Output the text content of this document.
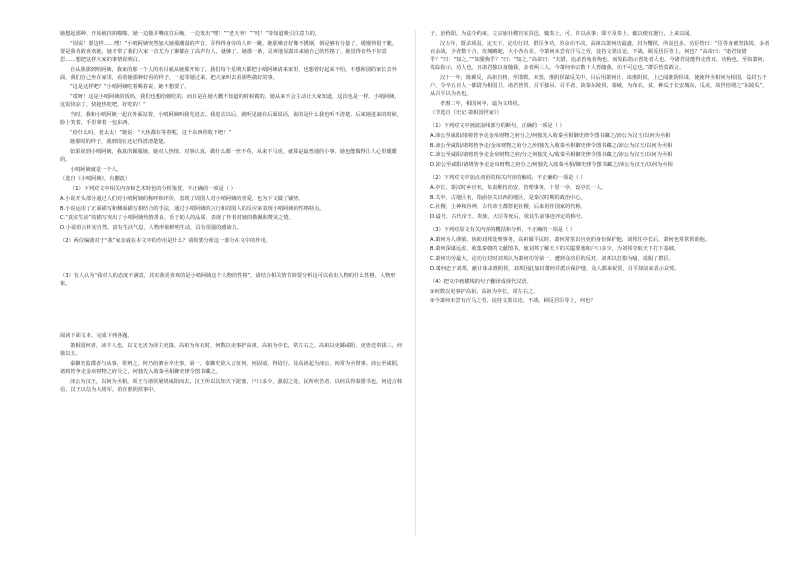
她想起那种、开始就挂拍啪啪。她一边拨弄嘴皮往后缩，一边发出“嘿！”“老天爷！”“哇！”等知道吸引注意力的。

“别说！要这样……嘿！”小哨阿姨突然加大她那潮湿的声音，弄得得身旁的人吓一跳。她那嗓音好像不锈钢，倒是够有分量了，缓慢得很干脆。要是我肯敢喜欢她，她才带了我们大家一首尤为了聚都在了高声有人，就够了。她那一条，灵爽地显露出来她自己的性格了，她觉得有些不好意思……想把这样大家的事情说明白。

自从我那到哈阿姨，我家的那一个人的名目就从她那开始了。我们每个星期天都把小哨阿姨请来家里，也想着好起来不怕。不想和别的家长去外面，我们自己坐在家里，看着她那种好看的样子，一起等她过来，把大家叫去看那些做好的事。

“这是这样吧？”小哨阿姨吃着喝着说，她不想要了。

“哎呀！这是小哨阿姨的饭吗，我们也想给她吃的，而且是在她大概不知道的时候做的，她从来不会主动让大家知道，这次也是一样。小哨阿姨，这饭快凉了，快趁热吃吧，好吃的！”

当时，我和小哨阿姨一起在外面站着，小哨阿姨叫我先进去。我进去以后，就听见她在后面说话，说的是什么我也听不清楚。后来她进来的时候，脸上笑着，手里拿着一包东西。

“给什么吗，老太太！”她说：“大伙都在等着呢，这个东西你收下吧！”

她那时的样子，我到现在还记得清清楚楚。

如果说到小哨阿姨，我真的佩服她。她对人热情，对事认真，做什么都一丝不苟，从来不马虎。就算是最普通的小事，她也能做得让人心里暖暖的。

小哨阿姨就是一个人。

（选自《小哨阿姨》，有删改）

（1）下列对文中相关内容和艺术特色的分析鉴赏，不正确的一项是（ ）

A.小说开头部分通过人们对小哨阿姨的称呼和评价，表现了周围人对小哨阿姨的喜爱，也为下文做了铺垫。

B.小说运用了正面描写和侧面描写相结合的手法，通过小哨阿姨的言行和周围人的反应来表现小哨阿姨的性格特点。

C.“真实生活”的描写突出了小哨阿姨热情善良、乐于助人的品质，表现了作者对她的敬佩和赞美之情。

D.小说语言朴实自然，富有生活气息，人物形象鲜明生动，具有很强的感染力。

（2）两位编剧对于“我”家亲戚在本文中的作用是什么？请简要分析这一部分在文中的作用。

（3）有人认为“我对人的态度不满意，其实我更喜欢的是小哨阿姨这个人物的性格”。请结合相关情节简要分析这可以看出人物的什么性格，人物形象。

阅读下面文本，完成下列各题。

萧相国何者，沛丰人也。以文无害为沛主吏掾。高祖为布衣时，何数以吏事护高祖。高祖为亭长，常左右之。高祖以吏繇咸阳，吏皆送奉钱三，何独以五。

秦御史监郡者与从事，常辨之。何乃给泗水卒史事，第一。秦御史欲入言征何，何固请，得毋行。及高祖起为沛公，何常为丞督事。沛公至咸阳，诸将皆争走金帛财物之府分之，何独先入收秦丞相御史律令图书藏之。

沛公为汉王，以何为丞相。项王与诸侯屠烧咸阳而去。汉王所以具知天下阸塞，户口多少，强弱之处，民所疾苦者，以何具得秦图书也。何进言韩信，汉王以信为大将军。语在淮阴侯事中。

子，治栎阳。为法令约束，立宗庙社稷宫室县邑，辄奏上，可，许以从事；即不及奏上，辄以便宜施行，上来以闻。

汉五年，既杀项羽，定天下，论功行封。群臣争功，岁余功不决。高祖以萧何功最盛，封为酂侯，所食邑多。功臣皆曰：“臣等身被坚执锐，多者百余战，少者数十合，攻城略地，大小各有差。今萧何未尝有汗马之劳，徒持文墨议论，不战，顾反居臣等上，何也？”高帝曰：“诸君知猎乎？”曰：“知之。”“知猎狗乎？”曰：“知之。”高帝曰：“夫猎，追杀兽兔者狗也，而发踪指示兽处者人也。今诸君徒能得走兽耳，功狗也。至如萧何，发踪指示，功人也。且诸君独以身随我，多者两三人。今萧何举宗数十人皆随我，功不可忘也。”群臣皆莫敢言。

汉十一年，陈豨反，高祖自将，至邯郸。未罢，淮阴侯谋反关中，吕后用萧何计，诛淮阴侯。上已闻淮阴侯诛，使使拜丞相何为相国，益封五千户，令卒五百人一都尉为相国卫。诸君皆贺，召平独吊。召平者，故秦东陵侯。秦破，为布衣，贫，种瓜于长安城东，瓜美，故世俗谓之“东陵瓜”，从召平以为名也。

孝惠二年，相国何卒，谥为文终侯。

（节选自《史记·萧相国世家》）

（1）下列对文中画波浪线部分的断句，正确的一项是（ ）

A.沛公至咸阳/诸将皆争走金帛财物之府分之/何独先入收秦丞相御史律令图书藏之/沛公为汉王/以何为丞相

B.沛公至咸阳/诸将皆争走/金帛财物之府分之/何独先入收秦丞相御史律令图书藏之/沛公为汉王/以何为丞相

C.沛公至咸阳/诸将皆争走金帛财物之府/分之何独先入/收秦丞相御史律令图书藏之/沛公为汉王/以何为丞相

D.沛公至咸阳/诸将皆争走金帛财物之府分之/何独先入收秦丞相/御史律令图书藏之/沛公为汉王/以何为丞相

（2）下列对文中加点词语的相关内容的解说，不正确的一项是（ ）

A.亭长，秦汉时乡官名，负责维持治安、管理事务，十里一亭，设亭长一人。

B.关中，古地区名，指函谷关以西的地区，是秦汉时期的政治中心。

C.社稷，土神和谷神，古代帝王都祭祀社稷，后来用作国家的代称。

D.谥号，古代帝王、贵族、大臣等死后，依其生前事迹评定的称号。

（3）下列对原文有关内容的概括和分析，不正确的一项是（ ）

A.萧何为人谨慎，协助刘邦处理事务。高祖做平民时，萧何常常以官吏的身份保护他，刘邦任亭长后，萧何也常常帮助他。

B.萧何深谋远虑，收集秦朝的文献图书，使刘邦了解天下的关隘要塞和户口多少，为刘邦夺取天下打下基础。

C.萧何功劳最大，论功行封时刘邦认为萧何功劳第一，遭到众功臣的反对，刘邦以打猎为喻，说服了群臣。

D.萧何忠于刘邦，献计诛杀淮阴侯，刘邦因此加封萧何并派兵保护他，众人都来祝贺，召平却前来表示哀悼。

（4）把文中画横线的句子翻译成现代汉语。

①何数以吏事护高祖。高祖为亭长，常左右之。

②今萧何未尝有汗马之劳，徒持文墨议论，不战，顾反居臣等上，何也？
